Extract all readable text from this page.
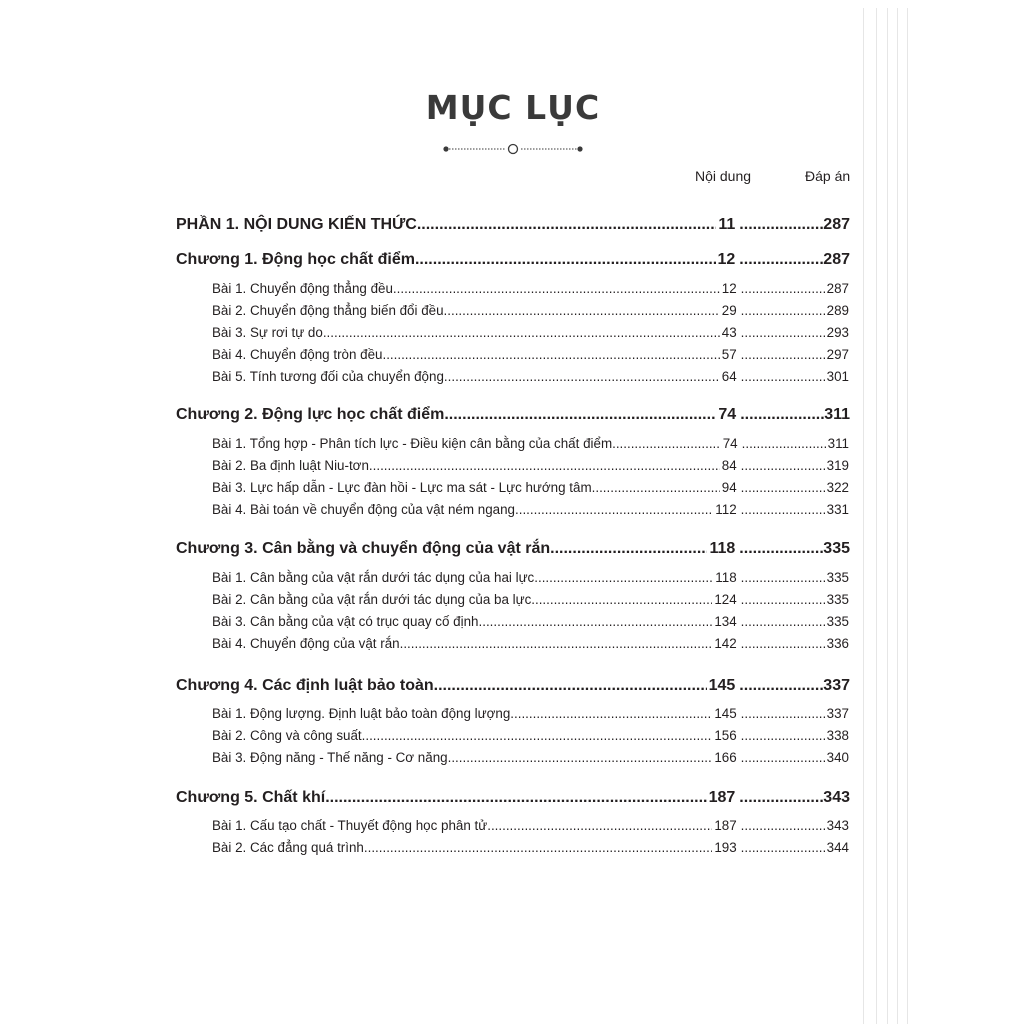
MỤC LỤC
Nội dung	Đáp án
PHẦN 1. NỘI DUNG KIẾN THỨC .....	11 .....	287
Chương 1. Động học chất điểm .....	12 .....	287
Bài 1. Chuyển động thẳng đều .....	12 .....	287
Bài 2. Chuyển động thẳng biến đổi đều .....	29 .....	289
Bài 3. Sự rơi tự do .....	43 .....	293
Bài 4. Chuyển động tròn đều .....	57 .....	297
Bài 5. Tính tương đối của chuyển động .....	64 .....	301
Chương 2. Động lực học chất điểm .....	74 .....	311
Bài 1. Tổng hợp - Phân tích lực - Điều kiện cân bằng của chất điểm .....	74 .....	311
Bài 2. Ba định luật Niu-tơn .....	84 .....	319
Bài 3. Lực hấp dẫn - Lực đàn hồi - Lực ma sát - Lực hướng tâm .....	94 .....	322
Bài 4. Bài toán về chuyển động của vật ném ngang .....	112 .....	331
Chương 3. Cân bằng và chuyển động của vật rắn .....	118 .....	335
Bài 1. Cân bằng của vật rắn dưới tác dụng của hai lực .....	118 .....	335
Bài 2. Cân bằng của vật rắn dưới tác dụng của ba lực .....	124 .....	335
Bài 3. Cân bằng của vật có trục quay cố định .....	134 .....	335
Bài 4. Chuyển động của vật rắn .....	142 .....	336
Chương 4. Các định luật bảo toàn .....	145 .....	337
Bài 1. Động lượng. Định luật bảo toàn động lượng .....	145 .....	337
Bài 2. Công và công suất .....	156 .....	338
Bài 3. Động năng - Thế năng - Cơ năng .....	166 .....	340
Chương 5. Chất khí .....	187 .....	343
Bài 1. Cấu tạo chất - Thuyết động học phân tử .....	187 .....	343
Bài 2. Các đẳng quá trình .....	193 .....	344
